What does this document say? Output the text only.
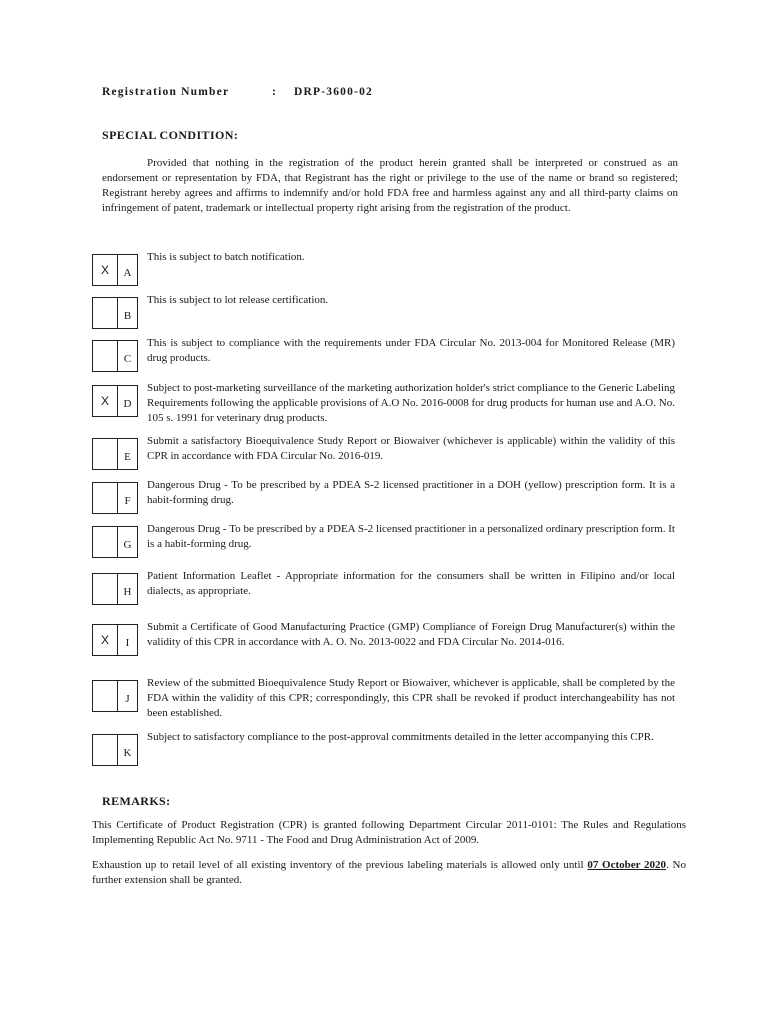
Registration Number	: DRP-3600-02
SPECIAL CONDITION:

Provided that nothing in the registration of the product herein granted shall be interpreted or construed as an endorsement or representation by FDA, that Registrant has the right or privilege to the use of the name or brand so registered; Registrant hereby agrees and affirms to indemnify and/or hold FDA free and harmless against any and all third-party claims on infringement of patent, trademark or intellectual property right arising from the registration of the product.

X	A

This is subject to batch notification.

B

This is subject to lot release certification.

C

This is subject to compliance with the requirements under FDA Circular No. 2013-004 for Monitored Release (MR) drug products.

X	D

Subject to post-marketing surveillance of the marketing authorization holder's strict compliance to the Generic Labeling Requirements following the applicable provisions of A.O No. 2016-0008 for drug products for human use and A.O. No. 105 s. 1991 for veterinary drug products.

E

Submit a satisfactory Bioequivalence Study Report or Biowaiver (whichever is applicable) within the validity of this CPR in accordance with FDA Circular No. 2016-019.

F

Dangerous Drug - To be prescribed by a PDEA S-2 licensed practitioner in a DOH (yellow) prescription form. It is a habit-forming drug.

G

Dangerous Drug - To be prescribed by a PDEA S-2 licensed practitioner in a personalized ordinary prescription form. It is a habit-forming drug.

H

Patient Information Leaflet - Appropriate information for the consumers shall be written in Filipino and/or local dialects, as appropriate.

X	I

Submit a Certificate of Good Manufacturing Practice (GMP) Compliance of Foreign Drug Manufacturer(s) within the validity of this CPR in accordance with A. O. No. 2013-0022 and FDA Circular No. 2014-016.

J

Review of the submitted Bioequivalence Study Report or Biowaiver, whichever is applicable, shall be completed by the FDA within the validity of this CPR; correspondingly, this CPR shall be revoked if product interchangeability has not been established.

K

Subject to satisfactory compliance to the post-approval commitments detailed in the letter accompanying this CPR.

REMARKS:

This Certificate of Product Registration (CPR) is granted following Department Circular 2011-0101: The Rules and Regulations Implementing Republic Act No. 9711 - The Food and Drug Administration Act of 2009.

Exhaustion up to retail level of all existing inventory of the previous labeling materials is allowed only until 07 October 2020. No further extension shall be granted.
